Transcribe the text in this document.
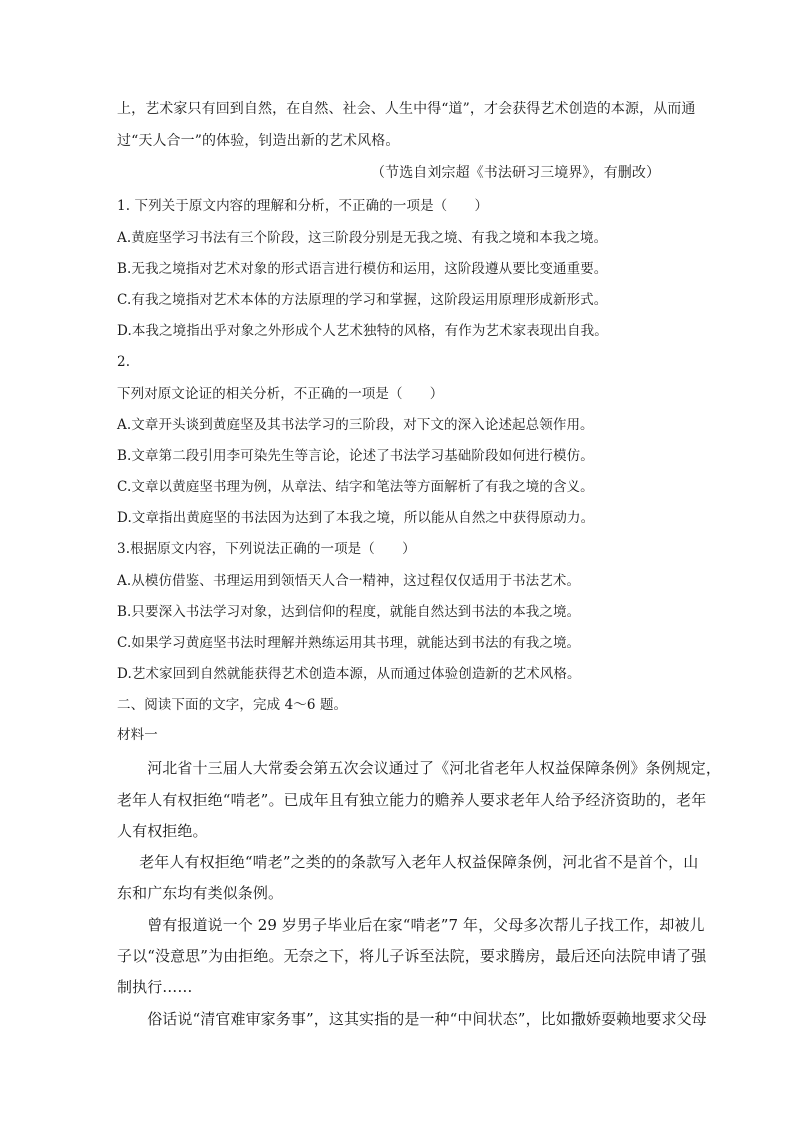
上，艺术家只有回到自然，在自然、社会、人生中得“道”，才会获得艺术创造的本源，从而通
过“天人合一”的体验，钊造出新的艺术风格。
（节选自刘宗超《书法研习三境界》，有删改）
1. 下列关于原文内容的理解和分析，不正确的一项是（　　）
A.黄庭坚学习书法有三个阶段，这三阶段分别是无我之境、有我之境和本我之境。
B.无我之境指对艺术对象的形式语言进行模仿和运用，这阶段遵从要比变通重要。
C.有我之境指对艺术本体的方法原理的学习和掌握，这阶段运用原理形成新形式。
D.本我之境指出乎对象之外形成个人艺术独特的风格，有作为艺术家表现出自我。
2.
下列对原文论证的相关分析，不正确的一项是（　　）
A.文章开头谈到黄庭坚及其书法学习的三阶段，对下文的深入论述起总领作用。
B.文章第二段引用李可染先生等言论，论述了书法学习基础阶段如何进行模仿。
C.文章以黄庭坚书理为例，从章法、结字和笔法等方面解析了有我之境的含义。
D.文章指出黄庭坚的书法因为达到了本我之境，所以能从自然之中获得原动力。
3.根据原文内容，下列说法正确的一项是（　　）
A.从模仿借鉴、书理运用到领悟天人合一精神，这过程仅仅适用于书法艺术。
B.只要深入书法学习对象，达到信仰的程度，就能自然达到书法的本我之境。
C.如果学习黄庭坚书法时理解并熟练运用其书理，就能达到书法的有我之境。
D.艺术家回到自然就能获得艺术创造本源，从而通过体验创造新的艺术风格。
二、阅读下面的文字，完成 4～6 题。
材料一
　　河北省十三届人大常委会第五次会议通过了《河北省老年人权益保障条例》条例规定，
老年人有权拒绝“啃老”。已成年且有独立能力的赡养人要求老年人给予经济资助的，老年
人有权拒绝。
　　老年人有权拒绝“啃老”之类的的条款写入老年人权益保障条例，河北省不是首个，山
东和广东均有类似条例。
　　曾有报道说一个 29 岁男子毕业后在家“啃老”7 年，父母多次帮儿子找工作，却被儿
子以“没意思”为由拒绝。无奈之下，将儿子诉至法院，要求腾房，最后还向法院申请了强
制执行……
　　俗话说“清官难审家务事”，这其实指的是一种“中间状态”，比如撒娇耍赖地要求父母
